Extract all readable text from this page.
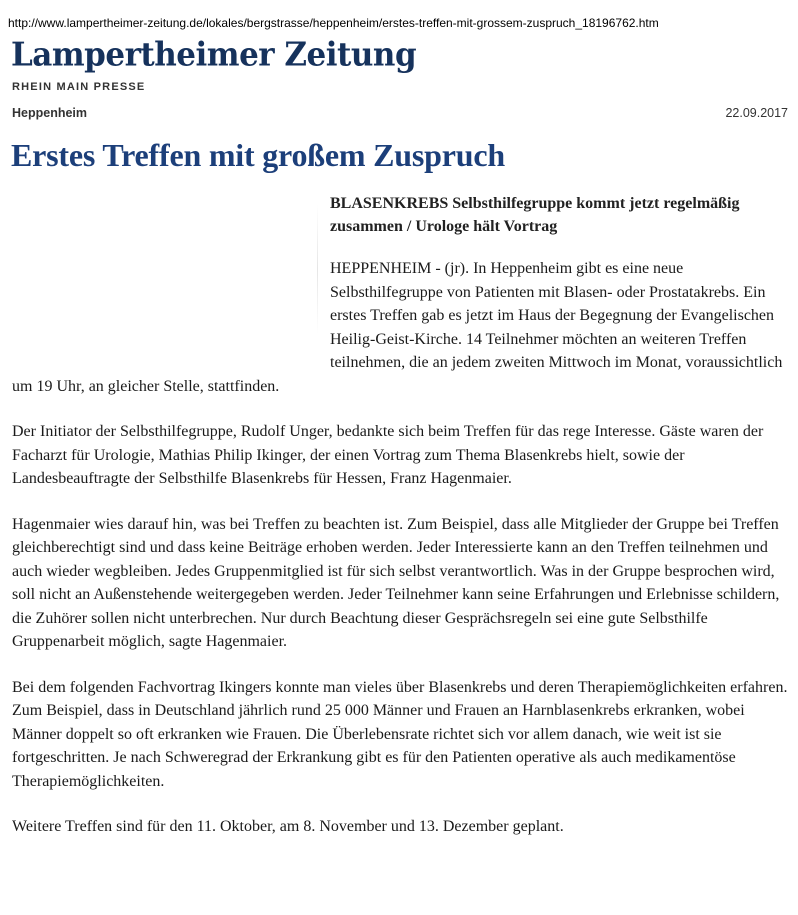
http://www.lampertheimer-zeitung.de/lokales/bergstrasse/heppenheim/erstes-treffen-mit-grossem-zuspruch_18196762.htm
Lampertheimer Zeitung
RHEIN MAIN PRESSE
Heppenheim	22.09.2017
Erstes Treffen mit großem Zuspruch

BLASENKREBS Selbsthilfegruppe kommt jetzt regelmäßig zusammen / Urologe hält Vortrag

HEPPENHEIM - (jr). In Heppenheim gibt es eine neue Selbsthilfegruppe von Patienten mit Blasen- oder Prostatakrebs. Ein erstes Treffen gab es jetzt im Haus der Begegnung der Evangelischen Heilig-Geist-Kirche. 14 Teilnehmer möchten an weiteren Treffen teilnehmen, die an jedem zweiten Mittwoch im Monat, voraussichtlich um 19 Uhr, an gleicher Stelle, stattfinden.

Der Initiator der Selbsthilfegruppe, Rudolf Unger, bedankte sich beim Treffen für das rege Interesse. Gäste waren der Facharzt für Urologie, Mathias Philip Ikinger, der einen Vortrag zum Thema Blasenkrebs hielt, sowie der Landesbeauftragte der Selbsthilfe Blasenkrebs für Hessen, Franz Hagenmaier.

Hagenmaier wies darauf hin, was bei Treffen zu beachten ist. Zum Beispiel, dass alle Mitglieder der Gruppe bei Treffen gleichberechtigt sind und dass keine Beiträge erhoben werden. Jeder Interessierte kann an den Treffen teilnehmen und auch wieder wegbleiben. Jedes Gruppenmitglied ist für sich selbst verantwortlich. Was in der Gruppe besprochen wird, soll nicht an Außenstehende weitergegeben werden. Jeder Teilnehmer kann seine Erfahrungen und Erlebnisse schildern, die Zuhörer sollen nicht unterbrechen. Nur durch Beachtung dieser Gesprächsregeln sei eine gute Selbsthilfe Gruppenarbeit möglich, sagte Hagenmaier.

Bei dem folgenden Fachvortrag Ikingers konnte man vieles über Blasenkrebs und deren Therapiemöglichkeiten erfahren. Zum Beispiel, dass in Deutschland jährlich rund 25 000 Männer und Frauen an Harnblasenkrebs erkranken, wobei Männer doppelt so oft erkranken wie Frauen. Die Überlebensrate richtet sich vor allem danach, wie weit ist sie fortgeschritten. Je nach Schweregrad der Erkrankung gibt es für den Patienten operative als auch medikamentöse Therapiemöglichkeiten.

Weitere Treffen sind für den 11. Oktober, am 8. November und 13. Dezember geplant.
